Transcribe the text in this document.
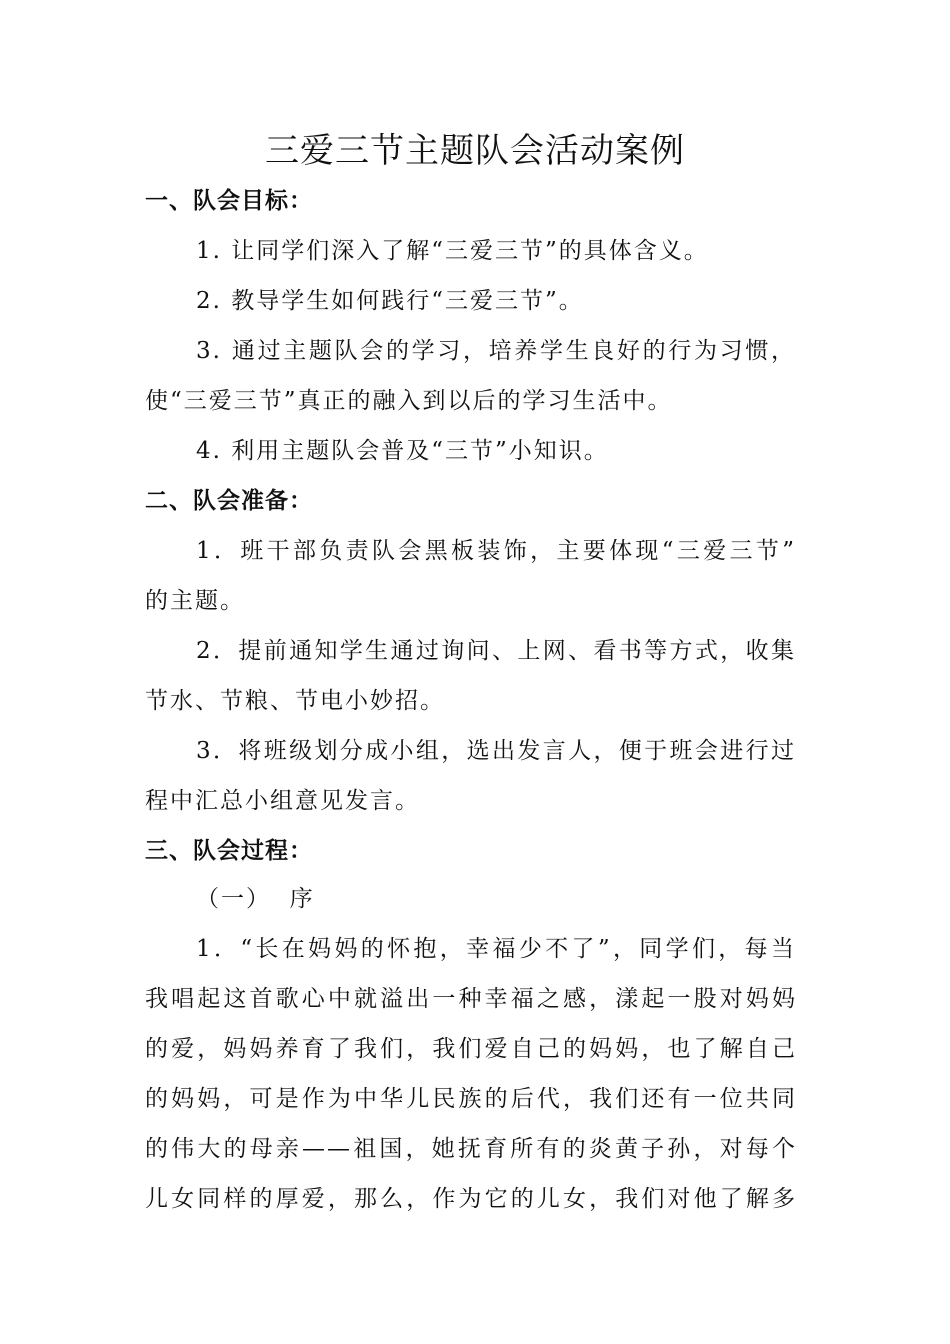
三爱三节主题队会活动案例
一、队会目标：
1. 让同学们深入了解“三爱三节”的具体含义。
2. 教导学生如何践行“三爱三节”。
3. 通过主题队会的学习，培养学生良好的行为习惯，
使“三爱三节”真正的融入到以后的学习生活中。
4. 利用主题队会普及“三节”小知识。
二、队会准备：
1．班干部负责队会黑板装饰，主要体现“三爱三节”
的主题。
2．提前通知学生通过询问、上网、看书等方式，收集
节水、节粮、节电小妙招。
3．将班级划分成小组，选出发言人，便于班会进行过
程中汇总小组意见发言。
三、队会过程：
（一）  序
1．“长在妈妈的怀抱，幸福少不了”，同学们，每当
我唱起这首歌心中就溢出一种幸福之感，漾起一股对妈妈
的爱，妈妈养育了我们，我们爱自己的妈妈，也了解自己
的妈妈，可是作为中华儿民族的后代，我们还有一位共同
的伟大的母亲——祖国，她抚育所有的炎黄子孙，对每个
儿女同样的厚爱，那么，作为它的儿女，我们对他了解多
